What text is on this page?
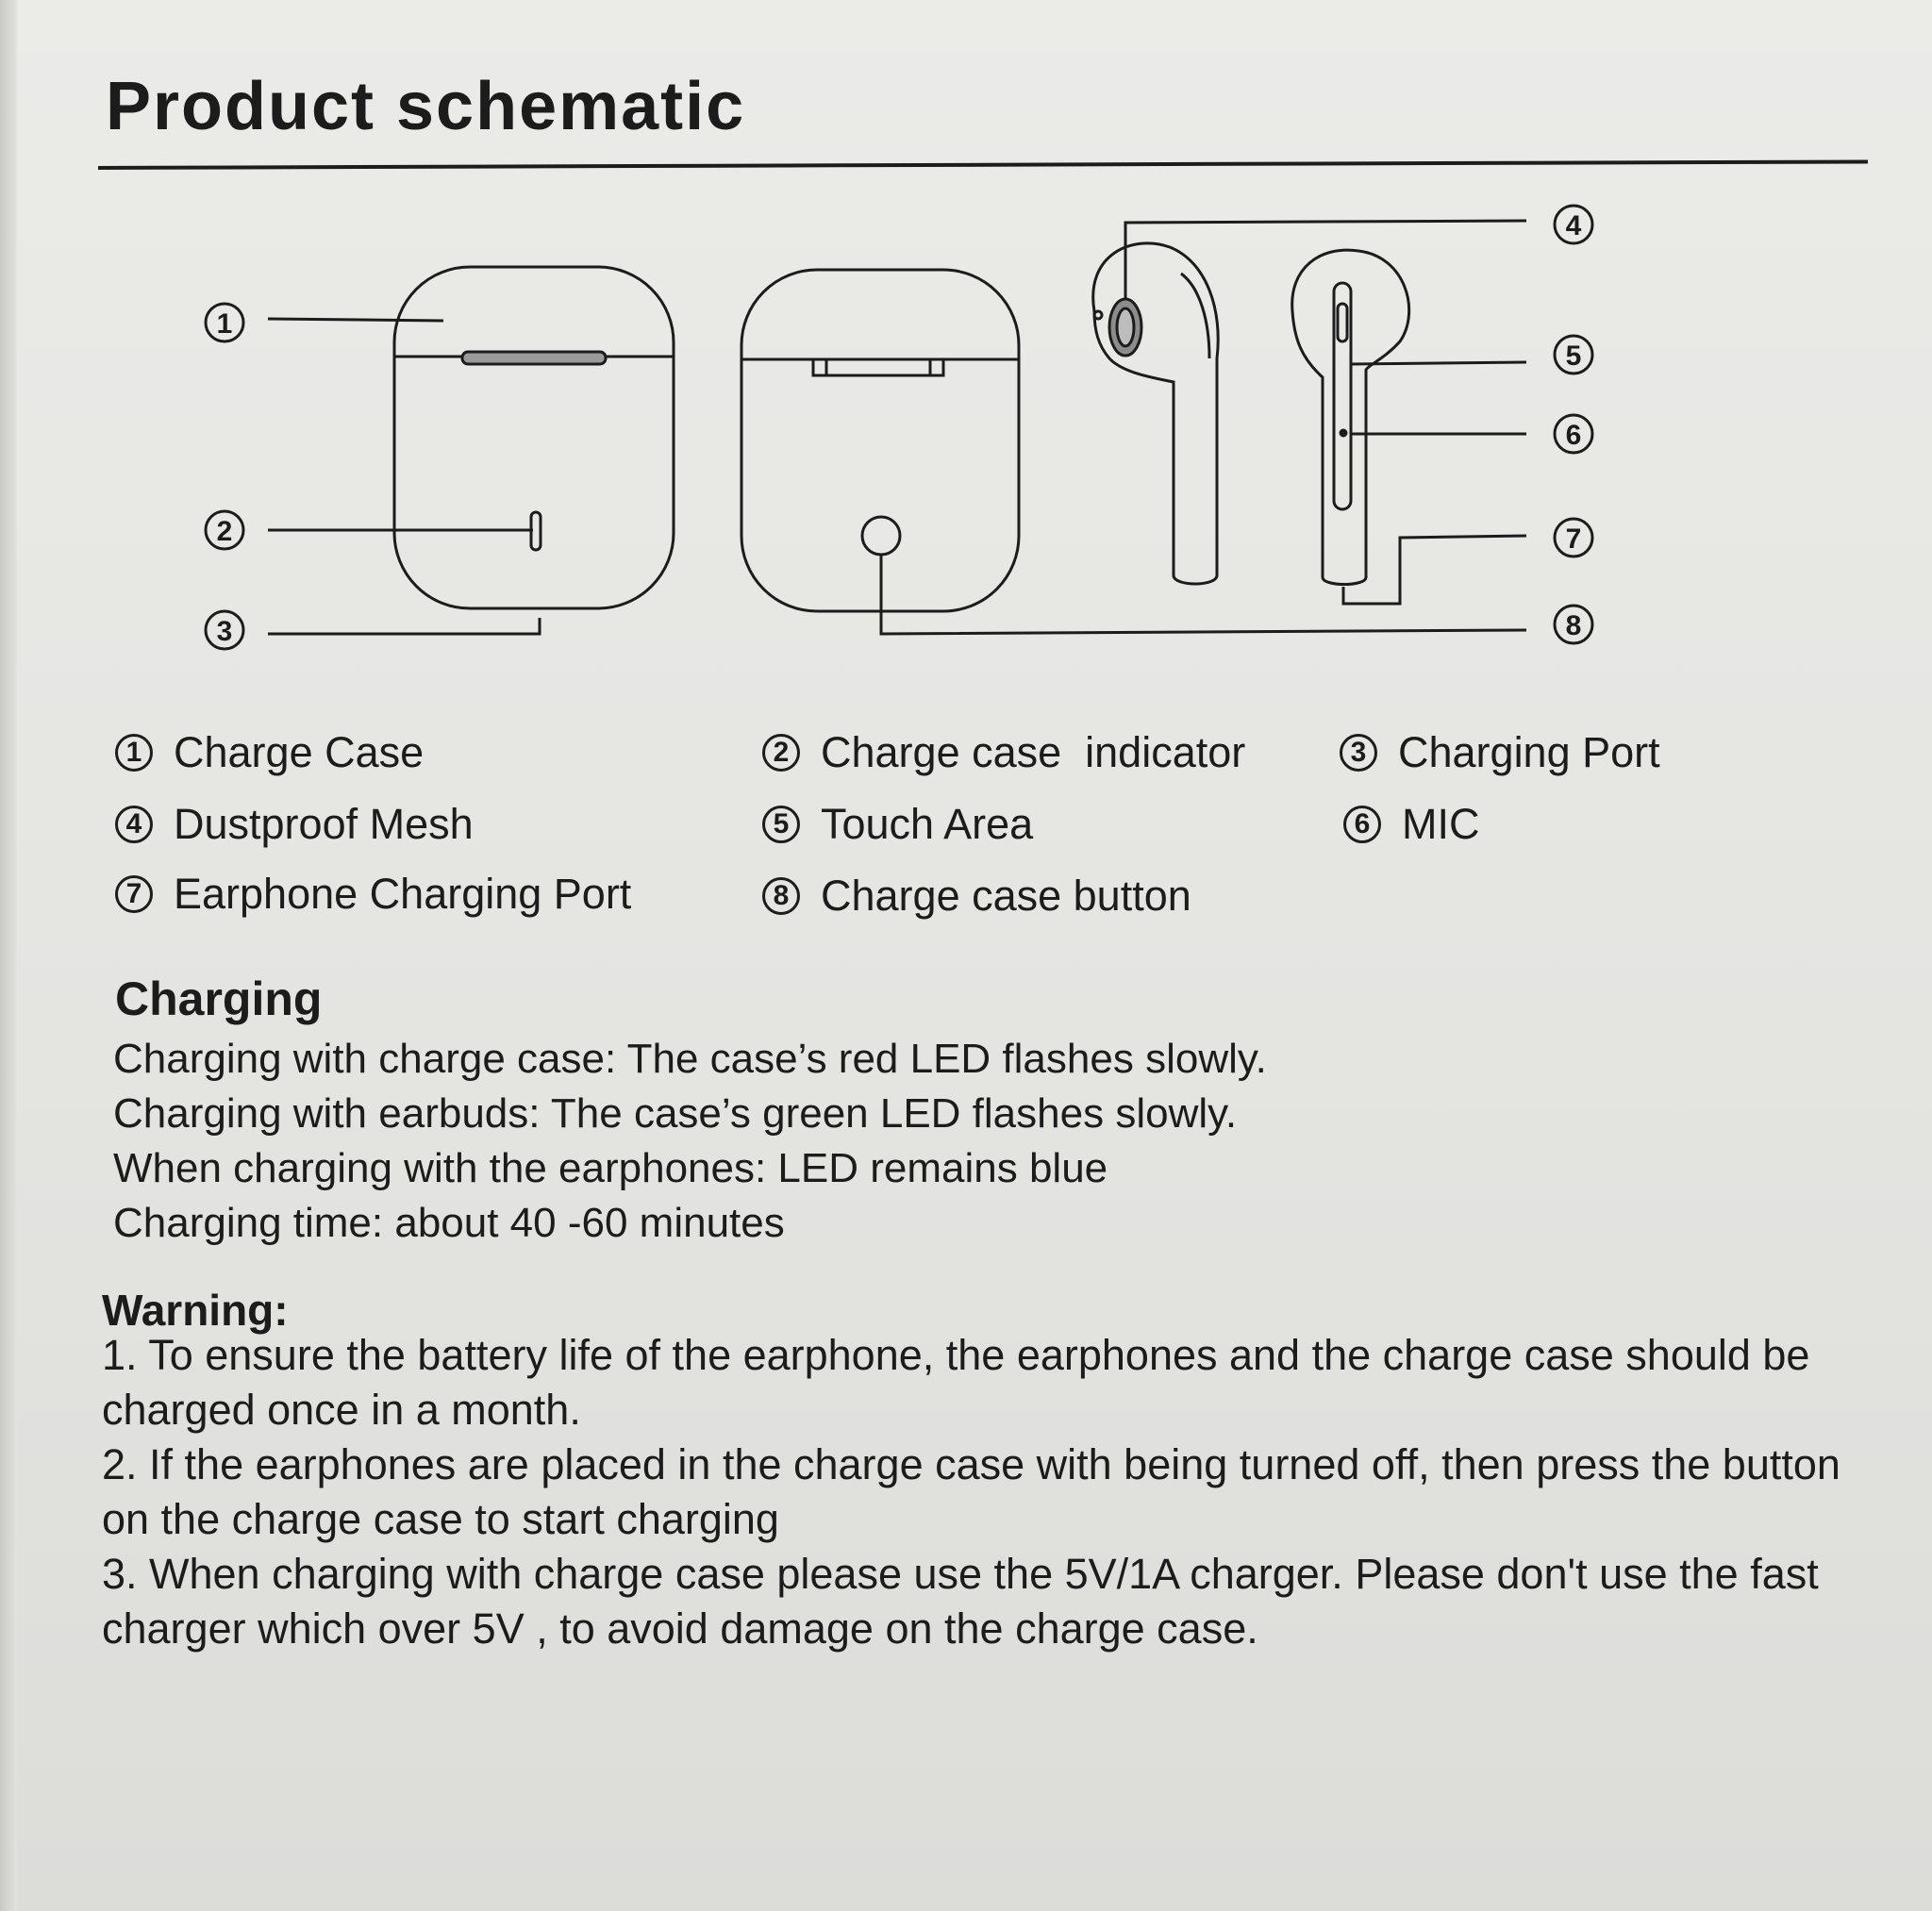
Product schematic
1
2
3
4
5
6
7
8
1 Charge Case	2 Charge case  indicator	3 Charging Port
4 Dustproof Mesh	5 Touch Area	6 MIC
7 Earphone Charging Port	8 Charge case button
Charging
Charging with charge case: The case’s red LED flashes slowly.
Charging with earbuds: The case’s green LED flashes slowly.
When charging with the earphones: LED remains blue
Charging time: about 40 -60 minutes
Warning:
1. To ensure the battery life of the earphone, the earphones and the charge case should be charged once in a month.
2. If the earphones are placed in the charge case with being turned off, then press the button on the charge case to start charging
3. When charging with charge case please use the 5V/1A charger. Please don't use the fast charger which over 5V , to avoid damage on the charge case.
